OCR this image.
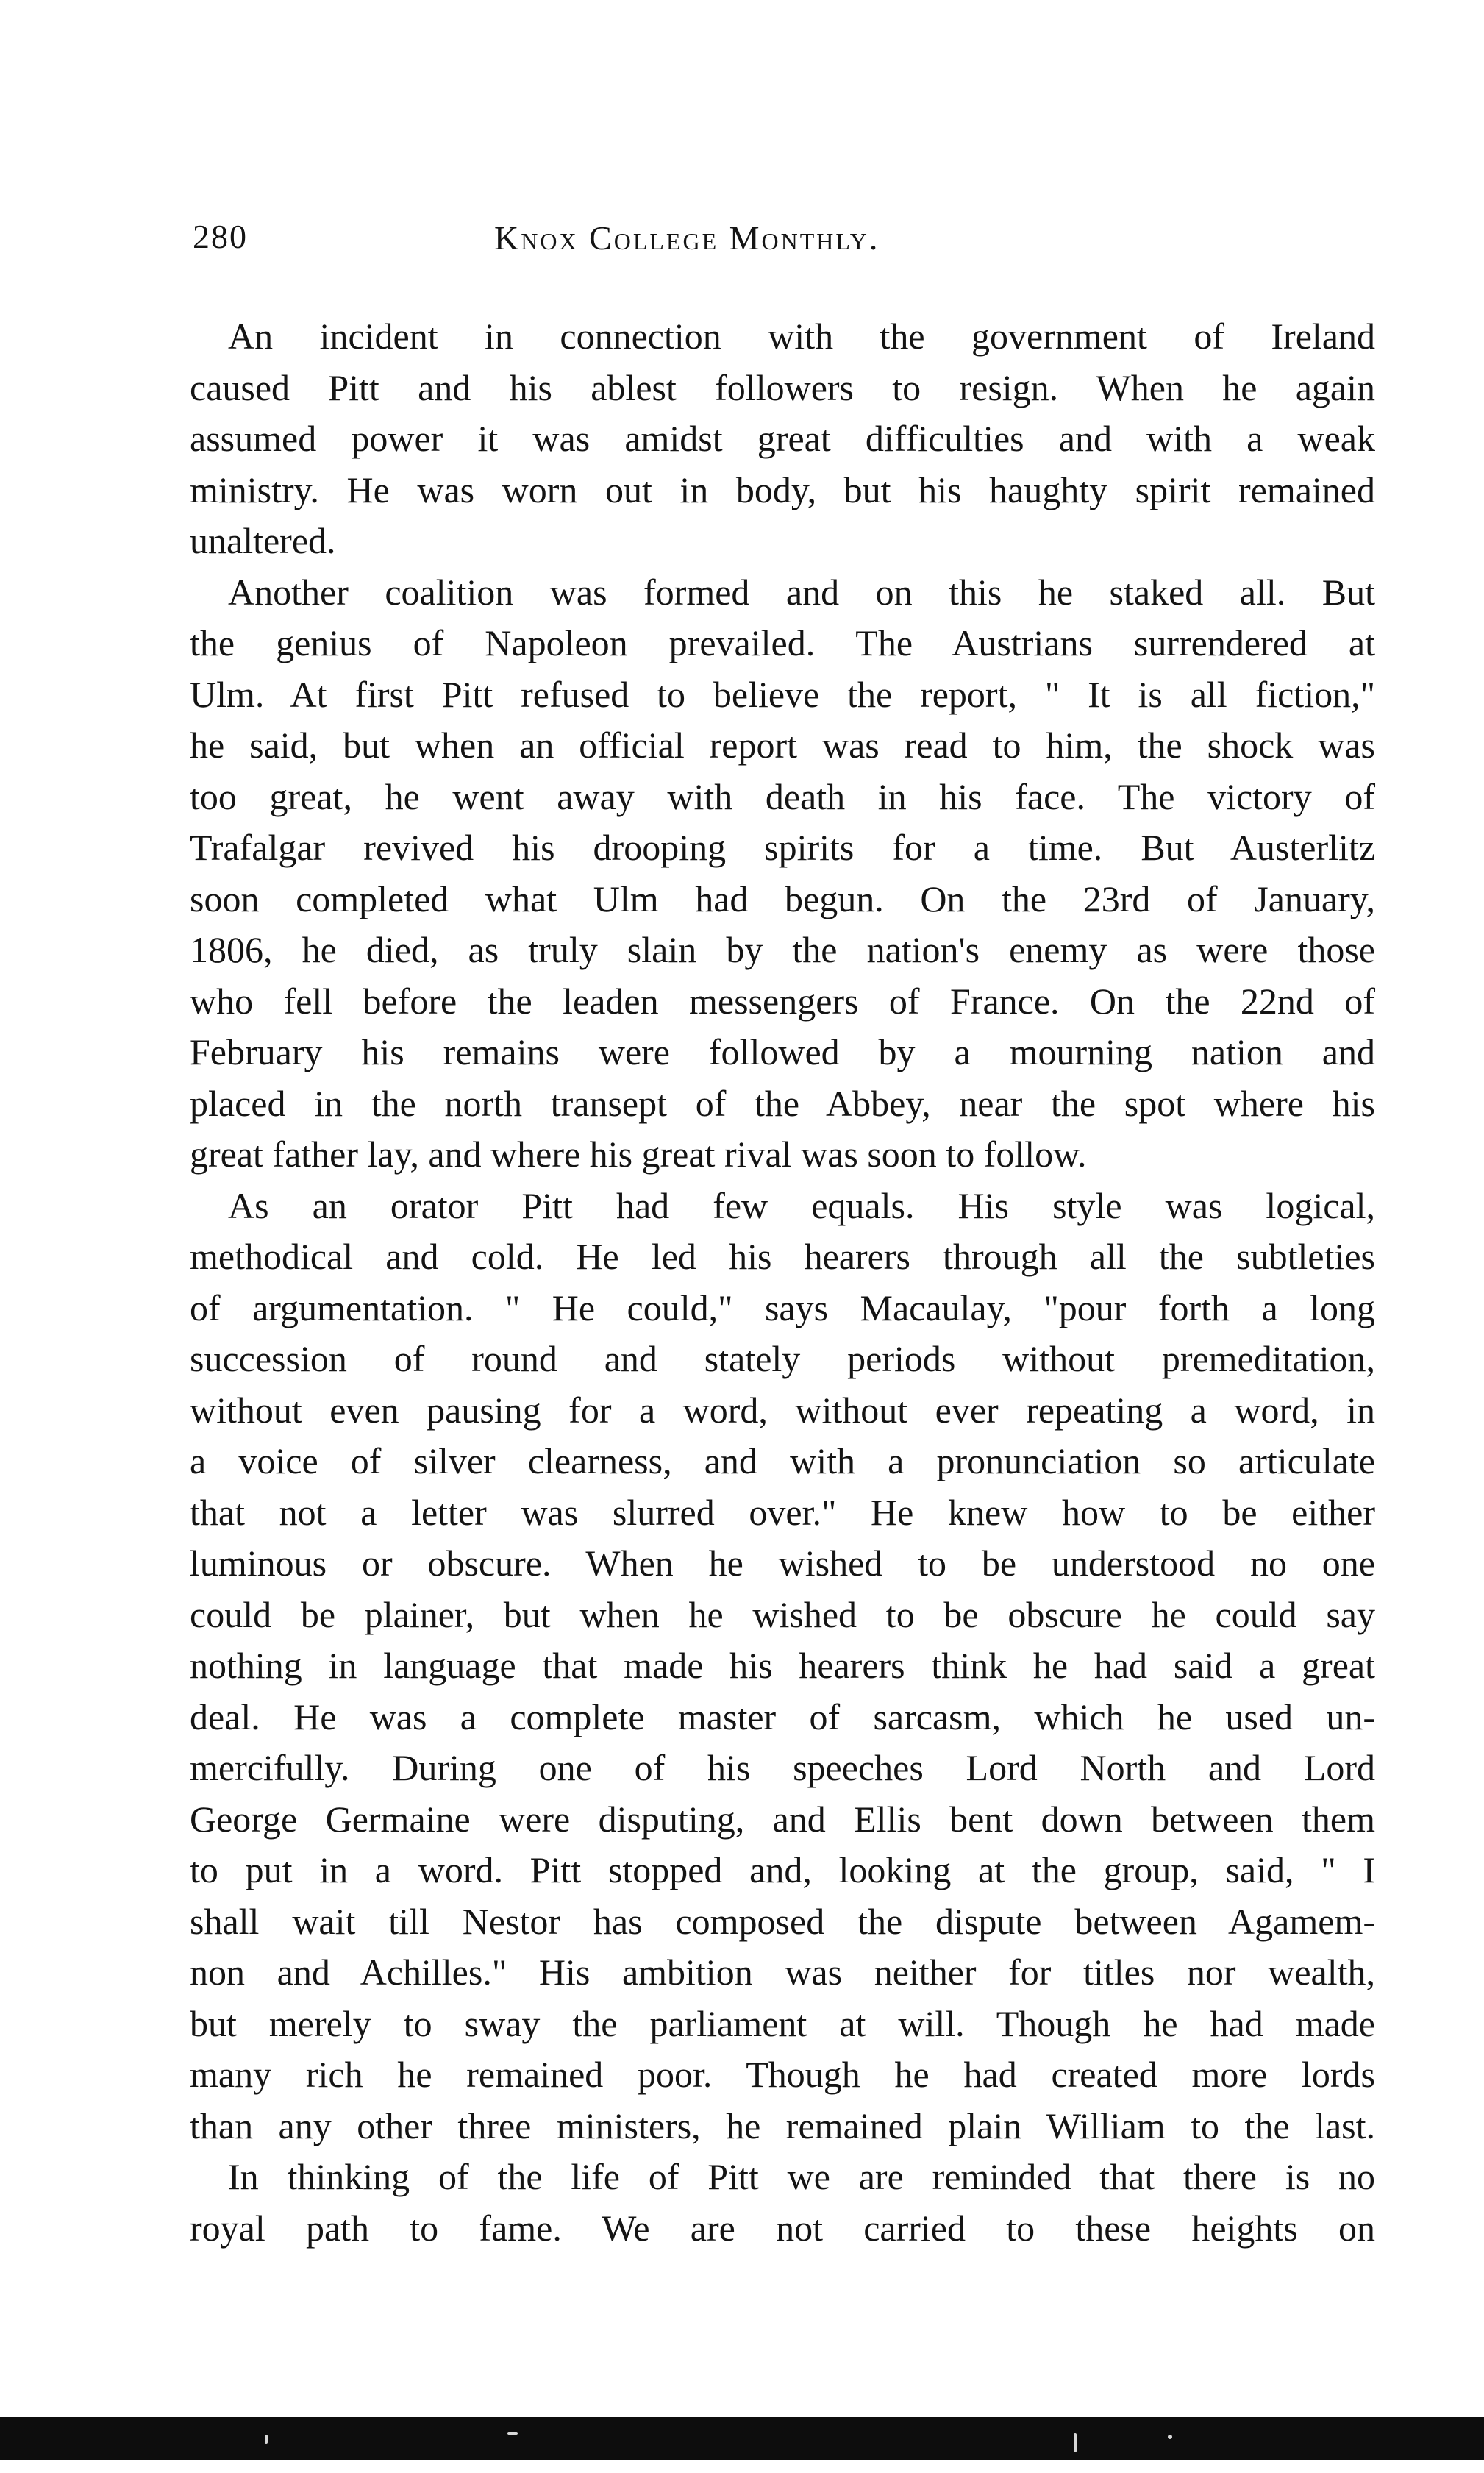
280	Knox College Monthly.
An incident in connection with the government of Ireland
caused Pitt and his ablest followers to resign. When he again
assumed power it was amidst great difficulties and with a weak
ministry. He was worn out in body, but his haughty spirit remained
unaltered.
Another coalition was formed and on this he staked all. But
the genius of Napoleon prevailed. The Austrians surrendered at
Ulm. At first Pitt refused to believe the report, " It is all fiction,"
he said, but when an official report was read to him, the shock was
too great, he went away with death in his face. The victory of
Trafalgar revived his drooping spirits for a time. But Austerlitz
soon completed what Ulm had begun. On the 23rd of January,
1806, he died, as truly slain by the nation's enemy as were those
who fell before the leaden messengers of France. On the 22nd of
February his remains were followed by a mourning nation and
placed in the north transept of the Abbey, near the spot where his
great father lay, and where his great rival was soon to follow.
As an orator Pitt had few equals. His style was logical,
methodical and cold. He led his hearers through all the subtleties
of argumentation. " He could," says Macaulay, "pour forth a long
succession of round and stately periods without premeditation,
without even pausing for a word, without ever repeating a word, in
a voice of silver clearness, and with a pronunciation so articulate
that not a letter was slurred over." He knew how to be either
luminous or obscure. When he wished to be understood no one
could be plainer, but when he wished to be obscure he could say
nothing in language that made his hearers think he had said a great
deal. He was a complete master of sarcasm, which he used un-
mercifully. During one of his speeches Lord North and Lord
George Germaine were disputing, and Ellis bent down between them
to put in a word. Pitt stopped and, looking at the group, said, " I
shall wait till Nestor has composed the dispute between Agamem-
non and Achilles." His ambition was neither for titles nor wealth,
but merely to sway the parliament at will. Though he had made
many rich he remained poor. Though he had created more lords
than any other three ministers, he remained plain William to the last.
In thinking of the life of Pitt we are reminded that there is no
royal path to fame. We are not carried to these heights on
